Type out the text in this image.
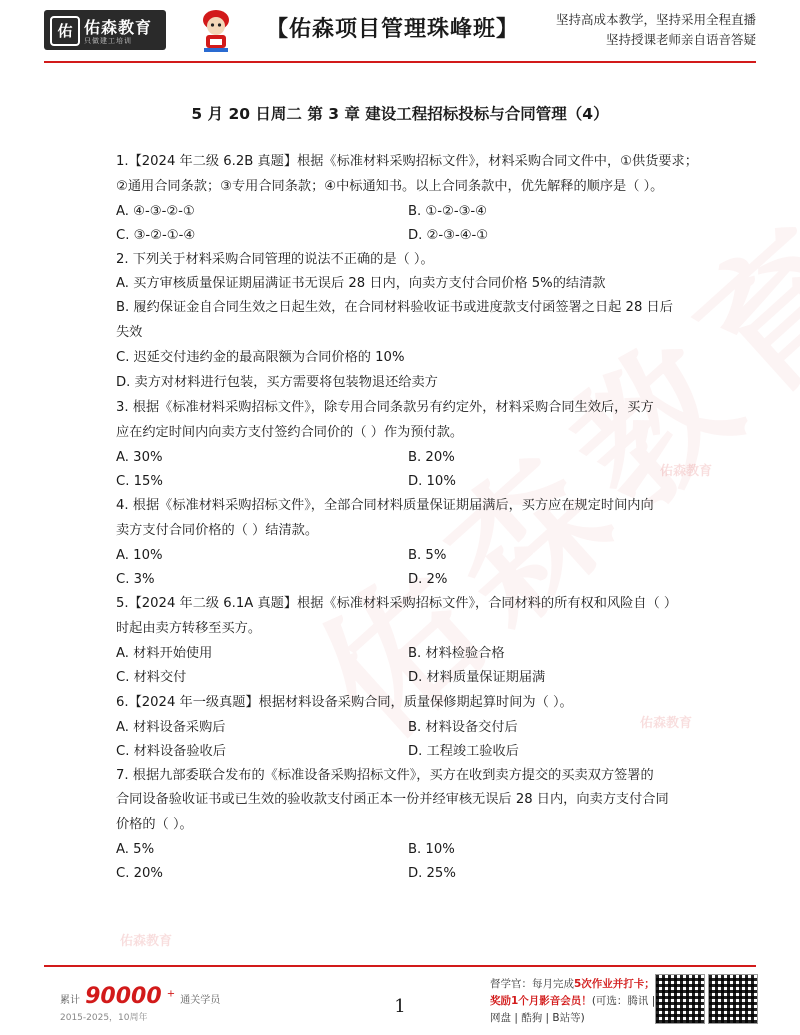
佑 佑森教育
只做建工培训	【佑森项目管理珠峰班】	坚持高成本教学，坚持采用全程直播
坚持授课老师亲自语音答疑
佑森教育
佑森教育
佑森教育
5 月 20 日周二 第 3 章 建设工程招标投标与合同管理（4）
1.【2024 年二级 6.2B 真题】根据《标准材料采购招标文件》，材料采购合同文件中，①供货要求；
②通用合同条款；③专用合同条款；④中标通知书。以上合同条款中，优先解释的顺序是（ ）。
A. ④-③-②-①	B. ①-②-③-④
C. ③-②-①-④	D. ②-③-④-①
2. 下列关于材料采购合同管理的说法不正确的是（ ）。
A. 买方审核质量保证期届满证书无误后 28 日内，向卖方支付合同价格 5%的结清款
B. 履约保证金自合同生效之日起生效，在合同材料验收证书或进度款支付函签署之日起 28 日后
失效
C. 迟延交付违约金的最高限额为合同价格的 10%
D. 卖方对材料进行包装，买方需要将包装物退还给卖方
3. 根据《标准材料采购招标文件》，除专用合同条款另有约定外，材料采购合同生效后，买方
应在约定时间内向卖方支付签约合同价的（ ）作为预付款。
A. 30%	B. 20%
C. 15%	D. 10%
4. 根据《标准材料采购招标文件》，全部合同材料质量保证期届满后，买方应在规定时间内向
卖方支付合同价格的（ ）结清款。
A. 10%	B. 5%
C. 3%	D. 2%
5.【2024 年二级 6.1A 真题】根据《标准材料采购招标文件》，合同材料的所有权和风险自（ ）
时起由卖方转移至买方。
A. 材料开始使用	B. 材料检验合格
C. 材料交付	D. 材料质量保证期届满
6.【2024 年一级真题】根据材料设备采购合同，质量保修期起算时间为（ ）。
A. 材料设备采购后	B. 材料设备交付后
C. 材料设备验收后	D. 工程竣工验收后
7. 根据九部委联合发布的《标准设备采购招标文件》，买方在收到卖方提交的买卖双方签署的
合同设备验收证书或已生效的验收款支付函正本一份并经审核无误后 28 日内，向卖方支付合同
价格的（ ）。
A. 5%	B. 10%
C. 20%	D. 25%
累计 90000 + 通关学员
2015-2025，10周年
1
督学官：每月完成5次作业并打卡；
奖励1个月影音会员！(可选：腾讯 |
网盘 | 酷狗 | B站等)
